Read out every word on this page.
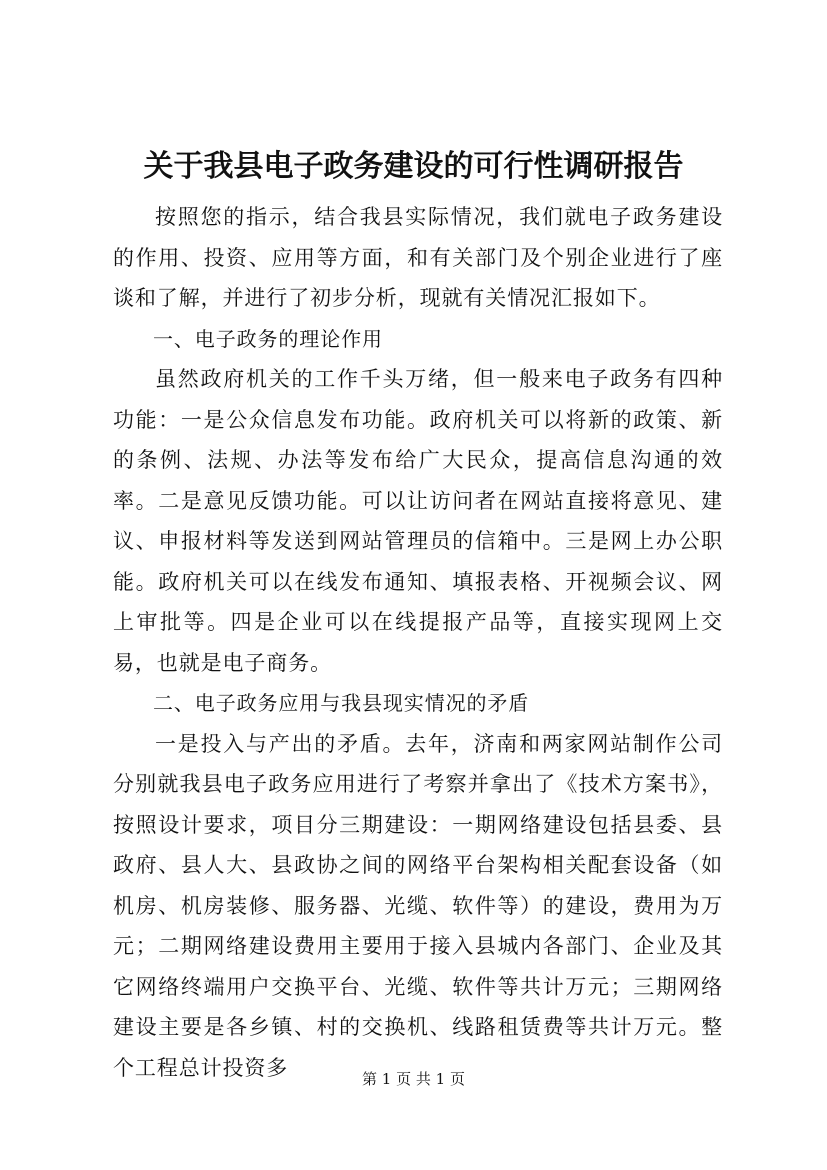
关于我县电子政务建设的可行性调研报告

按照您的指示，结合我县实际情况，我们就电子政务建设的作用、投资、应用等方面，和有关部门及个别企业进行了座谈和了解，并进行了初步分析，现就有关情况汇报如下。

一、电子政务的理论作用

虽然政府机关的工作千头万绪，但一般来电子政务有四种功能：一是公众信息发布功能。政府机关可以将新的政策、新的条例、法规、办法等发布给广大民众，提高信息沟通的效率。二是意见反馈功能。可以让访问者在网站直接将意见、建议、申报材料等发送到网站管理员的信箱中。三是网上办公职能。政府机关可以在线发布通知、填报表格、开视频会议、网上审批等。四是企业可以在线提报产品等，直接实现网上交易，也就是电子商务。

二、电子政务应用与我县现实情况的矛盾

一是投入与产出的矛盾。去年，济南和两家网站制作公司分别就我县电子政务应用进行了考察并拿出了《技术方案书》，按照设计要求，项目分三期建设：一期网络建设包括县委、县政府、县人大、县政协之间的网络平台架构相关配套设备（如机房、机房装修、服务器、光缆、软件等）的建设，费用为万元；二期网络建设费用主要用于接入县城内各部门、企业及其它网络终端用户交换平台、光缆、软件等共计万元；三期网络建设主要是各乡镇、村的交换机、线路租赁费等共计万元。整个工程总计投资多	第 1 页 共 1 页
